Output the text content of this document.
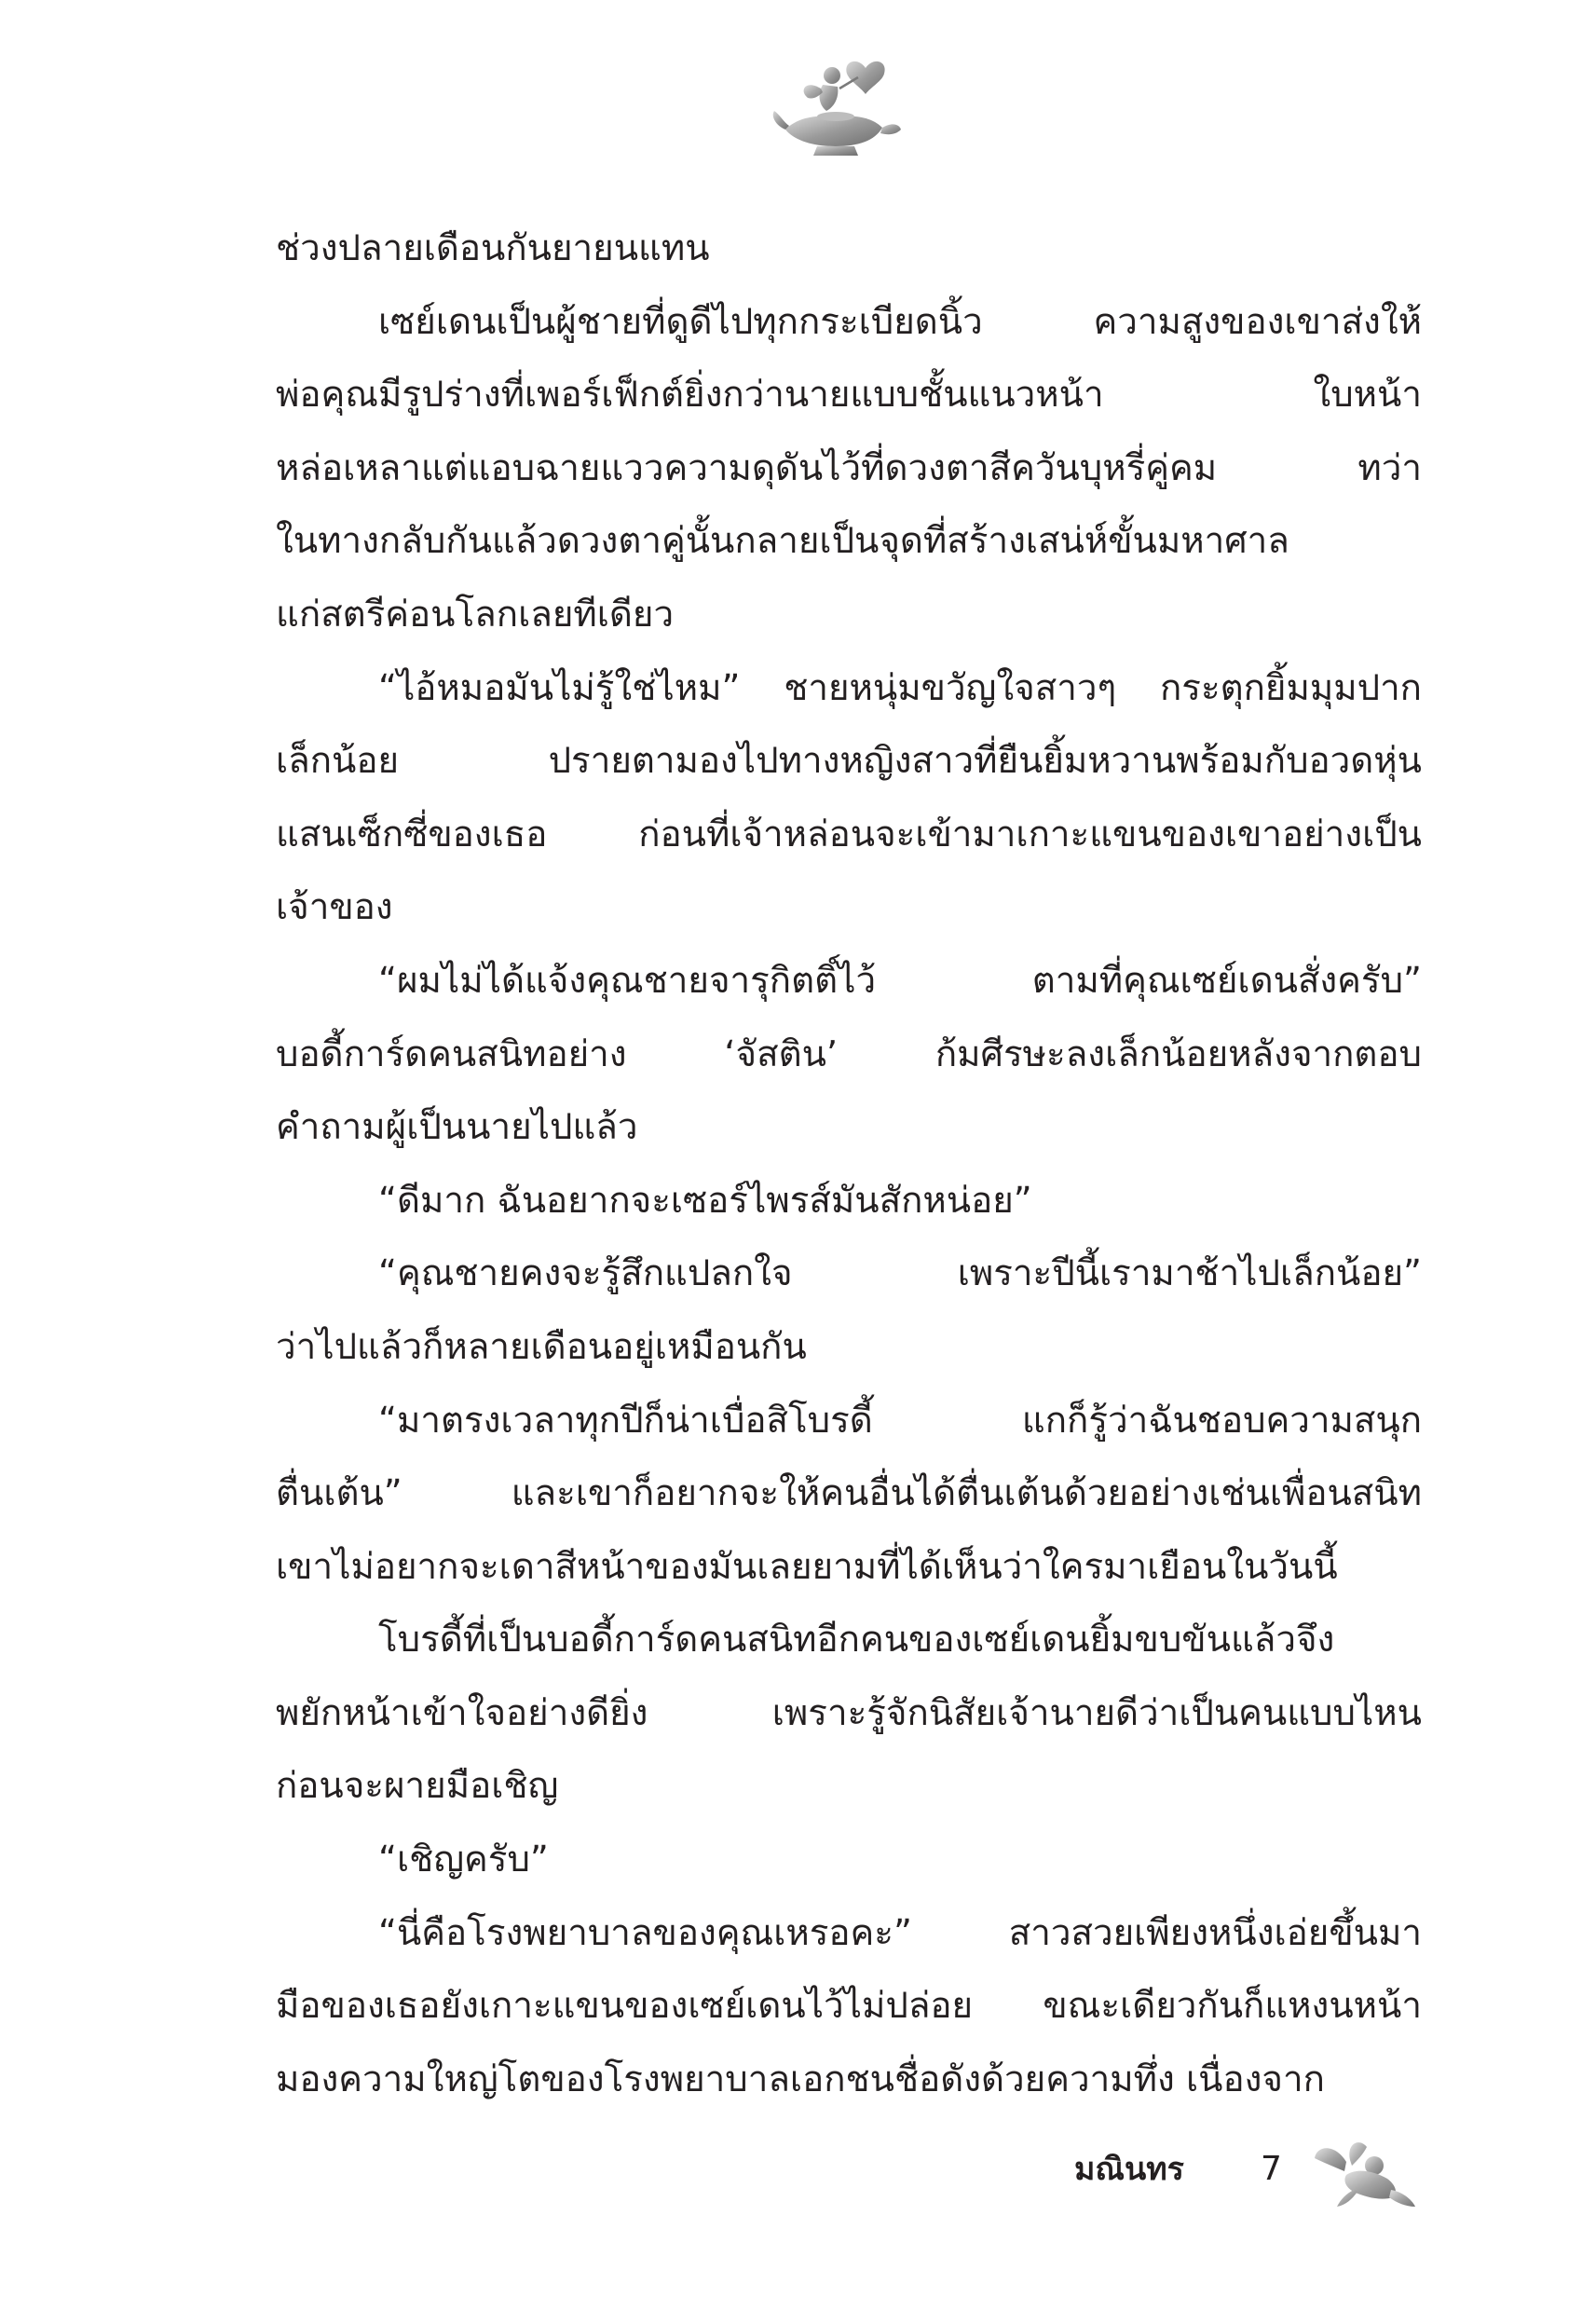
ช่วงปลายเดือนกันยายนแทน
เซย์เดนเป็นผู้ชายที่ดูดีไปทุกกระเบียดนิ้ว ความสูงของเขาส่งให้
พ่อคุณมีรูปร่างที่เพอร์เฟ็กต์ยิ่งกว่านายแบบชั้นแนวหน้า ใบหน้า
หล่อเหลาแต่แอบฉายแววความดุดันไว้ที่ดวงตาสีควันบุหรี่คู่คม ทว่า
ในทางกลับกันแล้วดวงตาคู่นั้นกลายเป็นจุดที่สร้างเสน่ห์ขั้นมหาศาล
แก่สตรีค่อนโลกเลยทีเดียว
“ไอ้หมอมันไม่รู้ใช่ไหม” ชายหนุ่มขวัญใจสาวๆ กระตุกยิ้มมุมปาก
เล็กน้อย ปรายตามองไปทางหญิงสาวที่ยืนยิ้มหวานพร้อมกับอวดหุ่น
แสนเซ็กซี่ของเธอ ก่อนที่เจ้าหล่อนจะเข้ามาเกาะแขนของเขาอย่างเป็น
เจ้าของ
“ผมไม่ได้แจ้งคุณชายจารุกิตติ์ไว้ ตามที่คุณเซย์เดนสั่งครับ”
บอดี้การ์ดคนสนิทอย่าง ‘จัสติน’ ก้มศีรษะลงเล็กน้อยหลังจากตอบ
คำถามผู้เป็นนายไปแล้ว
“ดีมาก ฉันอยากจะเซอร์ไพรส์มันสักหน่อย”
“คุณชายคงจะรู้สึกแปลกใจ เพราะปีนี้เรามาช้าไปเล็กน้อย”
ว่าไปแล้วก็หลายเดือนอยู่เหมือนกัน
“มาตรงเวลาทุกปีก็น่าเบื่อสิโบรดี้ แกก็รู้ว่าฉันชอบความสนุก
ตื่นเต้น” และเขาก็อยากจะให้คนอื่นได้ตื่นเต้นด้วยอย่างเช่นเพื่อนสนิท
เขาไม่อยากจะเดาสีหน้าของมันเลยยามที่ได้เห็นว่าใครมาเยือนในวันนี้
โบรดี้ที่เป็นบอดี้การ์ดคนสนิทอีกคนของเซย์เดนยิ้มขบขันแล้วจึง
พยักหน้าเข้าใจอย่างดียิ่ง เพราะรู้จักนิสัยเจ้านายดีว่าเป็นคนแบบไหน
ก่อนจะผายมือเชิญ
“เชิญครับ”
“นี่คือโรงพยาบาลของคุณเหรอคะ” สาวสวยเพียงหนึ่งเอ่ยขึ้นมา
มือของเธอยังเกาะแขนของเซย์เดนไว้ไม่ปล่อย ขณะเดียวกันก็แหงนหน้า
มองความใหญ่โตของโรงพยาบาลเอกชนชื่อดังด้วยความทึ่ง เนื่องจาก
มณินทร 7
